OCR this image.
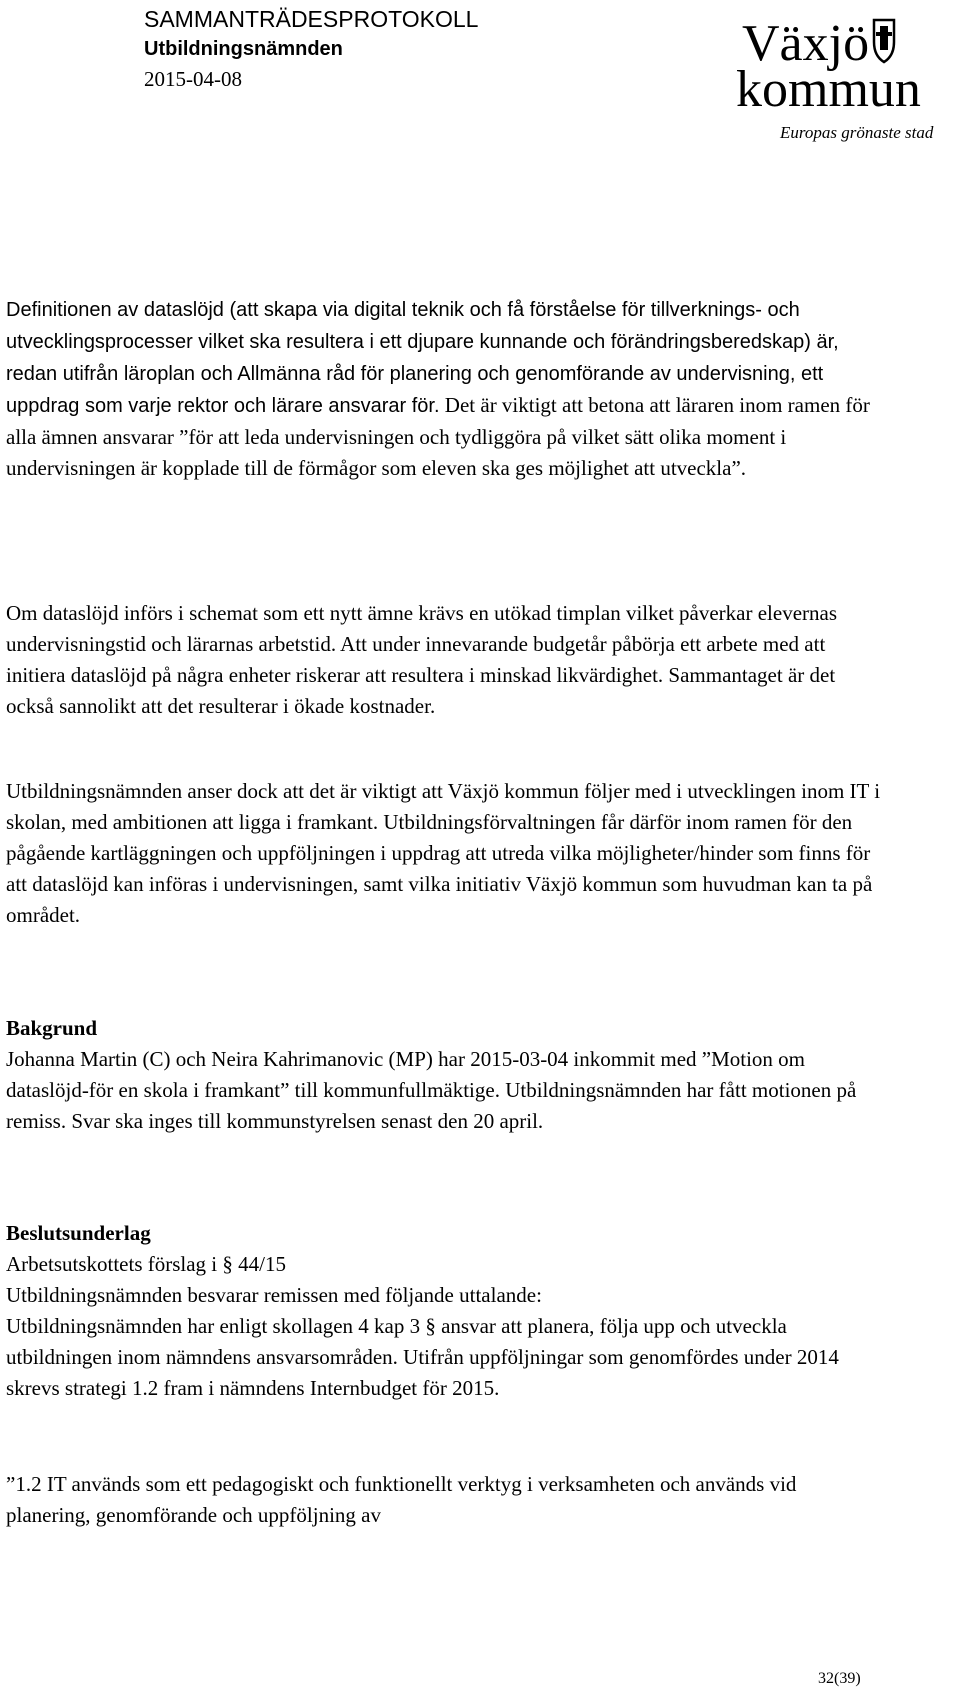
SAMMANTRÄDESPROTOKOLL
Utbildningsnämnden
2015-04-08
Växjö
kommun
Europas grönaste stad
Definitionen av dataslöjd (att skapa via digital teknik och få förståelse för tillverknings- och utvecklingsprocesser vilket ska resultera i ett djupare kunnande och förändringsberedskap) är, redan utifrån läroplan och Allmänna råd för planering och genomförande av undervisning, ett uppdrag som varje rektor och lärare ansvarar för. Det är viktigt att betona att läraren inom ramen för alla ämnen ansvarar ”för att leda undervisningen och tydliggöra på vilket sätt olika moment i undervisningen är kopplade till de förmågor som eleven ska ges möjlighet att utveckla”.
Om dataslöjd införs i schemat som ett nytt ämne krävs en utökad timplan vilket påverkar elevernas undervisningstid och lärarnas arbetstid. Att under innevarande budgetår påbörja ett arbete med att initiera dataslöjd på några enheter riskerar att resultera i minskad likvärdighet. Sammantaget är det också sannolikt att det resulterar i ökade kostnader.
Utbildningsnämnden anser dock att det är viktigt att Växjö kommun följer med i utvecklingen inom IT i skolan, med ambitionen att ligga i framkant. Utbildningsförvaltningen får därför inom ramen för den pågående kartläggningen och uppföljningen i uppdrag att utreda vilka möjligheter/hinder som finns för att dataslöjd kan införas i undervisningen, samt vilka initiativ Växjö kommun som huvudman kan ta på området.
Bakgrund
Johanna Martin (C) och Neira Kahrimanovic (MP) har 2015-03-04 inkommit med ”Motion om dataslöjd-för en skola i framkant” till kommunfullmäktige. Utbildningsnämnden har fått motionen på remiss. Svar ska inges till kommunstyrelsen senast den 20 april.
Beslutsunderlag
Arbetsutskottets förslag i § 44/15
Utbildningsnämnden besvarar remissen med följande uttalande:
Utbildningsnämnden har enligt skollagen 4 kap 3 § ansvar att planera, följa upp och utveckla utbildningen inom nämndens ansvarsområden. Utifrån uppföljningar som genomfördes under 2014 skrevs strategi 1.2 fram i nämndens Internbudget för 2015.
”1.2 IT används som ett pedagogiskt och funktionellt verktyg i verksamheten och används vid planering, genomförande och uppföljning av
32(39)
